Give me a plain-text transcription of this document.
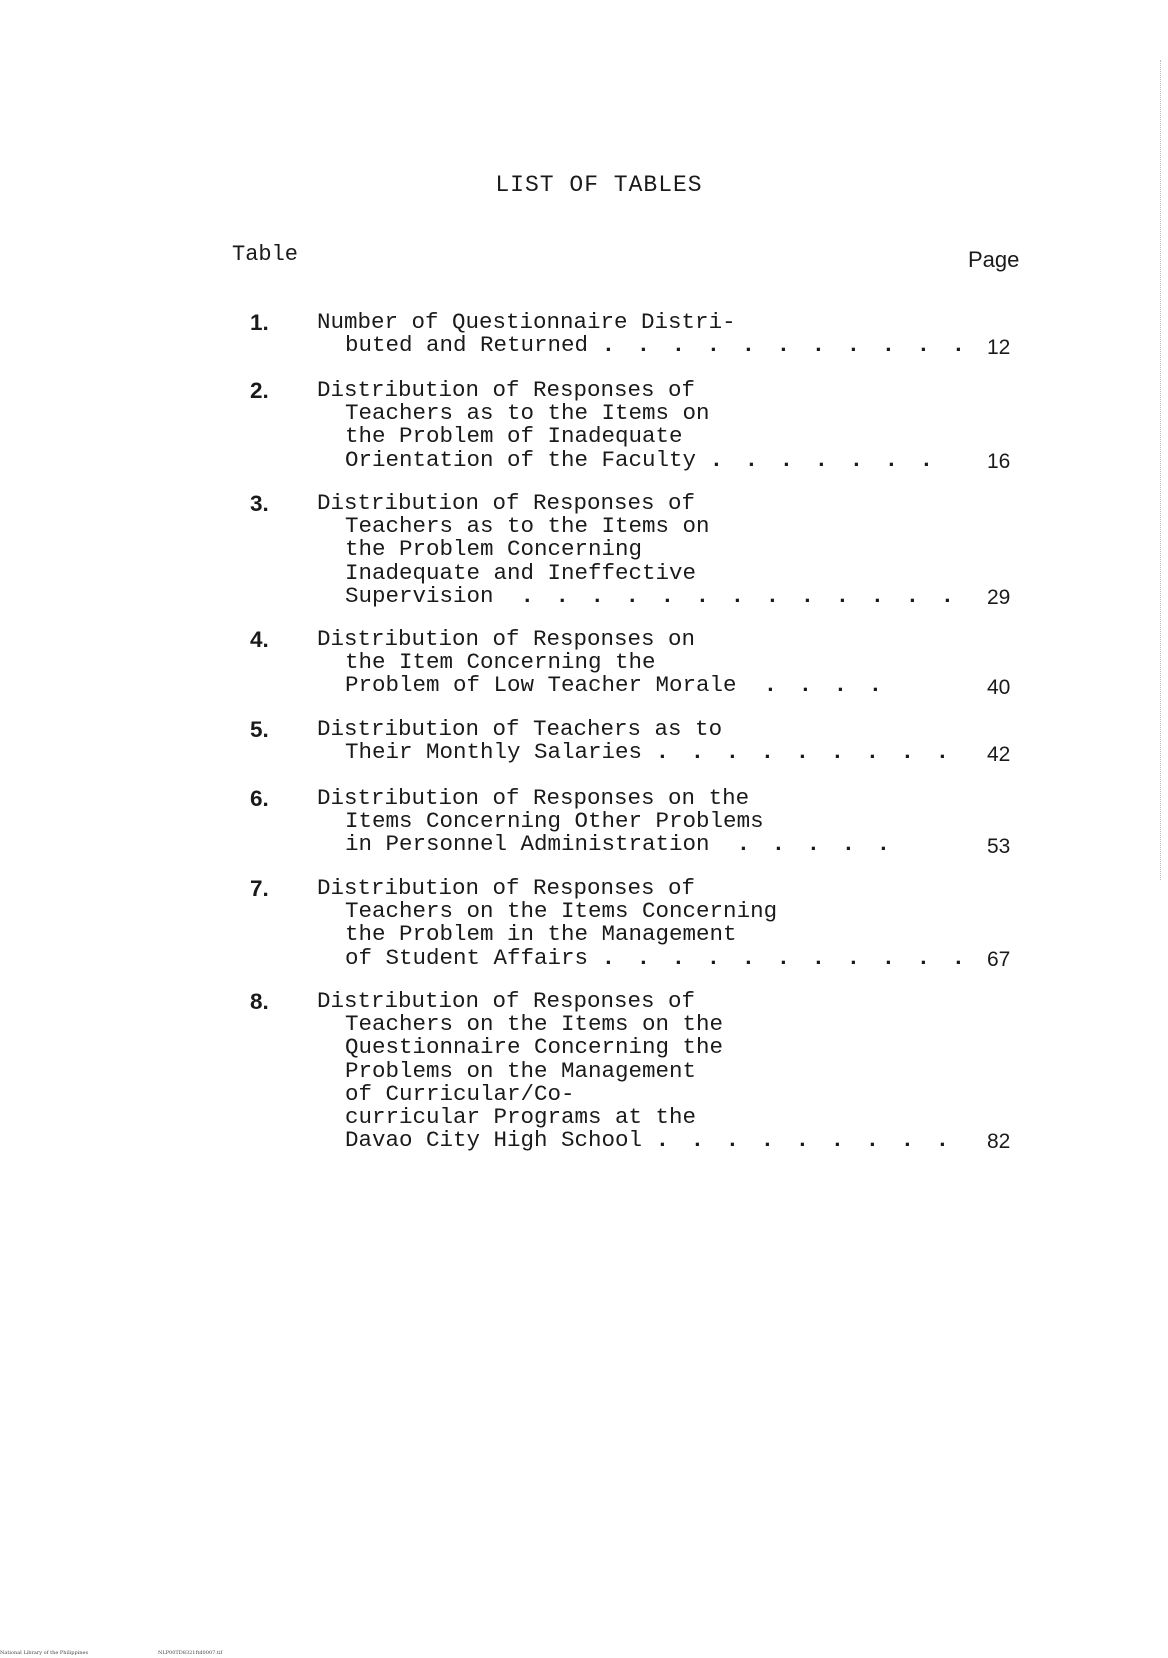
LIST OF TABLES
Table	Page
1. Number of Questionnaire Distri-
buted and Returned . . . . . . . . . . . 12
2. Distribution of Responses of
Teachers as to the Items on
the Problem of Inadequate
Orientation of the Faculty . . . . . . . 16
3. Distribution of Responses of
Teachers as to the Items on
the Problem Concerning
Inadequate and Ineffective
Supervision . . . . . . . . . . . . . 29
4. Distribution of Responses on
the Item Concerning the
Problem of Low Teacher Morale . . . .	40
5. Distribution of Teachers as to
Their Monthly Salaries . . . . . . . . . 42
6. Distribution of Responses on the
Items Concerning Other Problems
in Personnel Administration . . . . .	53
7. Distribution of Responses of
Teachers on the Items Concerning
the Problem in the Management
of Student Affairs . . . . . . . . . . . 67
8. Distribution of Responses of
Teachers on the Items on the
Questionnaire Concerning the
Problems on the Management
of Curricular/Co-
curricular Programs at the
Davao City High School . . . . . . . . . 82
National Library of the Philippines	NLP00TD8321ftd0007.tif
